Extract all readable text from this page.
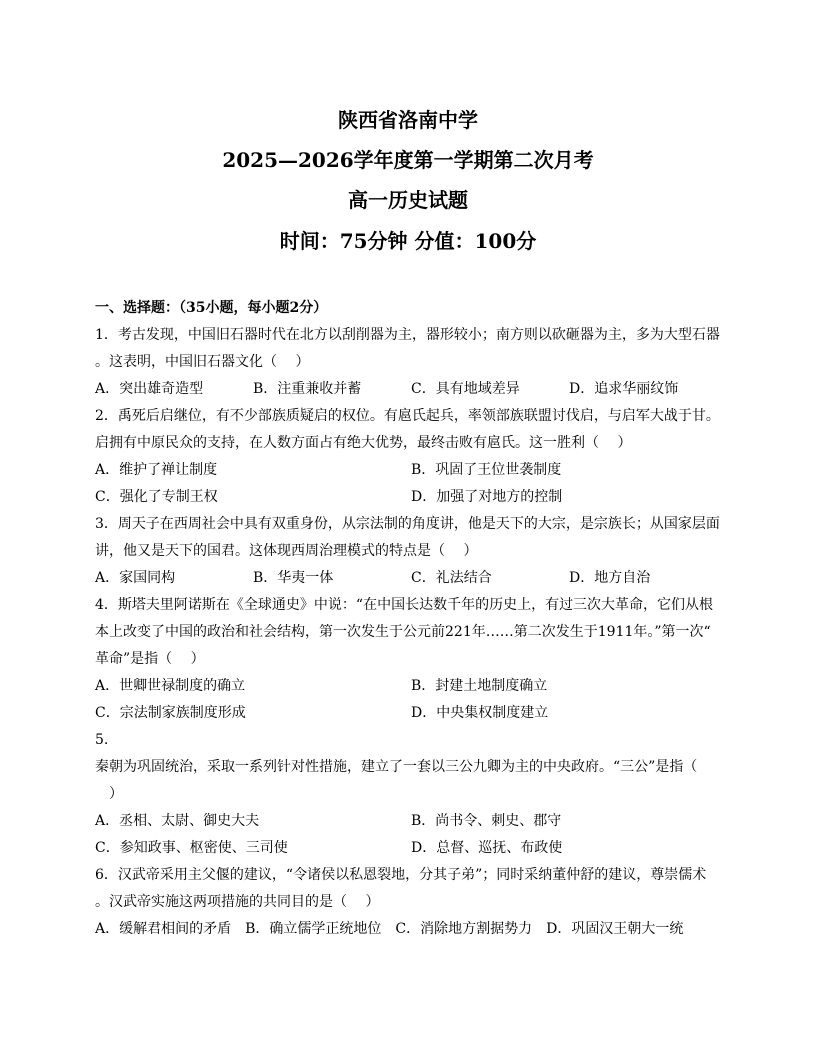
陕西省洛南中学

2025—2026学年度第一学期第二次月考

高一历史试题

时间：75分钟 分值：100分

一、选择题：（35小题，每小题2分）
1．考古发现，中国旧石器时代在北方以刮削器为主，器形较小；南方则以砍砸器为主，多为大型石器
。这表明，中国旧石器文化（　 ）
A．突出雄奇造型	B．注重兼收并蓄	C．具有地域差异	D．追求华丽纹饰
2．禹死后启继位，有不少部族质疑启的权位。有扈氏起兵，率领部族联盟讨伐启，与启军大战于甘。
启拥有中原民众的支持，在人数方面占有绝大优势，最终击败有扈氏。这一胜利（　 ）
A．维护了禅让制度	B．巩固了王位世袭制度
C．强化了专制王权	D．加强了对地方的控制
3．周天子在西周社会中具有双重身份，从宗法制的角度讲，他是天下的大宗，是宗族长；从国家层面
讲，他又是天下的国君。这体现西周治理模式的特点是（　 ）
A．家国同构	B．华夷一体	C．礼法结合	D．地方自治
4．斯塔夫里阿诺斯在《全球通史》中说：“在中国长达数千年的历史上，有过三次大革命，它们从根
本上改变了中国的政治和社会结构，第一次发生于公元前221年……第二次发生于1911年。”第一次“
革命”是指（　 ）
A．世卿世禄制度的确立	B．封建土地制度确立
C．宗法制家族制度形成	D．中央集权制度建立
5.
秦朝为巩固统治，采取一系列针对性措施，建立了一套以三公九卿为主的中央政府。“三公”是指（
　）
A．丞相、太尉、御史大夫	B．尚书令、刺史、郡守
C．参知政事、枢密使、三司使	D．总督、巡抚、布政使
6．汉武帝采用主父偃的建议，“令诸侯以私恩裂地，分其子弟”；同时采纳董仲舒的建议，尊崇儒术
。汉武帝实施这两项措施的共同目的是（　 ）
A．缓解君相间的矛盾 B．确立儒学正统地位 C．消除地方割据势力 D．巩固汉王朝大一统
